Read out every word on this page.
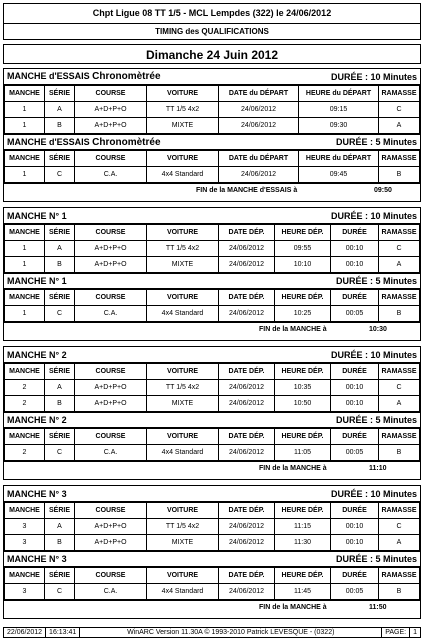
Chpt Ligue 08 TT 1/5 - MCL Lempdes (322) le 24/06/2012
TIMING des QUALIFICATIONS
Dimanche 24 Juin 2012
MANCHE d'ESSAIS Chronomètrée	DURÉE : 10 Minutes
MANCHE	SÉRIE	COURSE	VOITURE	DATE du DÉPART	HEURE du DÉPART	RAMASSE
1	A	A+D+P+O	TT 1/5 4x2	24/06/2012	09:15	C
1	B	A+D+P+O	MIXTE	24/06/2012	09:30	A
MANCHE d'ESSAIS Chronomètrée	DURÉE : 5 Minutes
MANCHE	SÉRIE	COURSE	VOITURE	DATE du DÉPART	HEURE du DÉPART	RAMASSE
1	C	C.A.	4x4 Standard	24/06/2012	09:45	B
FIN de la MANCHE d'ESSAIS à	09:50
MANCHE N° 1	DURÉE : 10 Minutes
MANCHE	SÉRIE	COURSE	VOITURE	DATE DÉP.	HEURE DÉP.	DURÉE	RAMASSE
1	A	A+D+P+O	TT 1/5 4x2	24/06/2012	09:55	00:10	C
1	B	A+D+P+O	MIXTE	24/06/2012	10:10	00:10	A
MANCHE N° 1	DURÉE : 5 Minutes
MANCHE	SÉRIE	COURSE	VOITURE	DATE DÉP.	HEURE DÉP.	DURÉE	RAMASSE
1	C	C.A.	4x4 Standard	24/06/2012	10:25	00:05	B
FIN de la MANCHE à	10:30
MANCHE N° 2	DURÉE : 10 Minutes
MANCHE	SÉRIE	COURSE	VOITURE	DATE DÉP.	HEURE DÉP.	DURÉE	RAMASSE
2	A	A+D+P+O	TT 1/5 4x2	24/06/2012	10:35	00:10	C
2	B	A+D+P+O	MIXTE	24/06/2012	10:50	00:10	A
MANCHE N° 2	DURÉE : 5 Minutes
MANCHE	SÉRIE	COURSE	VOITURE	DATE DÉP.	HEURE DÉP.	DURÉE	RAMASSE
2	C	C.A.	4x4 Standard	24/06/2012	11:05	00:05	B
FIN de la MANCHE à	11:10
MANCHE N° 3	DURÉE : 10 Minutes
MANCHE	SÉRIE	COURSE	VOITURE	DATE DÉP.	HEURE DÉP.	DURÉE	RAMASSE
3	A	A+D+P+O	TT 1/5 4x2	24/06/2012	11:15	00:10	C
3	B	A+D+P+O	MIXTE	24/06/2012	11:30	00:10	A
MANCHE N° 3	DURÉE : 5 Minutes
MANCHE	SÉRIE	COURSE	VOITURE	DATE DÉP.	HEURE DÉP.	DURÉE	RAMASSE
3	C	C.A.	4x4 Standard	24/06/2012	11:45	00:05	B
FIN de la MANCHE à	11:50
22/06/2012	16:13:41	WinARC Version 11.30A © 1993-2010 Patrick LEVESQUE - (0322)	PAGE:	1
